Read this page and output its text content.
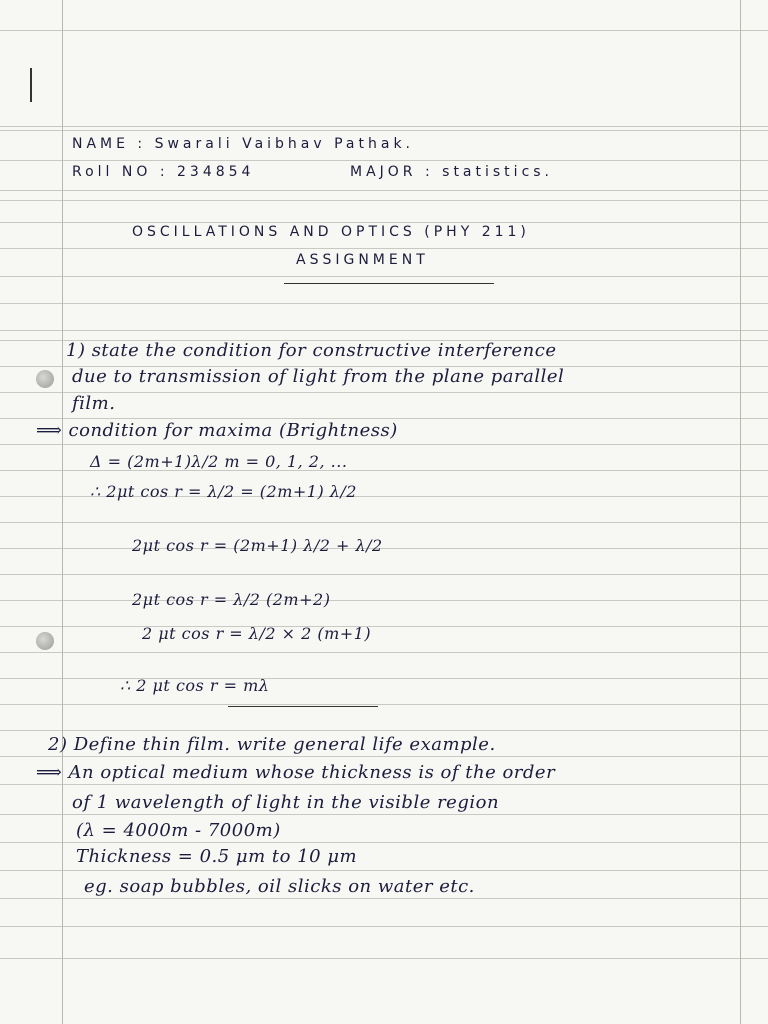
NAME : Swarali Vaibhav Pathak.
Roll NO : 234854	MAJOR : statistics.
OSCILLATIONS AND OPTICS (PHY 211)
ASSIGNMENT
1) state the condition for constructive interference
due to transmission of light from the plane parallel
film.
⟹ condition for maxima (Brightness)
Δ = (2m+1)λ/2 m = 0, 1, 2, ...
∴ 2μt cos r = λ/2 = (2m+1) λ/2
2μt cos r = (2m+1) λ/2 + λ/2
2μt cos r = λ/2 (2m+2)
2 μt cos r = λ/2 × 2 (m+1)
∴ 2 μt cos r = mλ
2) Define thin film. write general life example.
⟹ An optical medium whose thickness is of the order
of 1 wavelength of light in the visible region
(λ = 4000m - 7000m)
Thickness = 0.5 μm to 10 μm
eg. soap bubbles, oil slicks on water etc.
